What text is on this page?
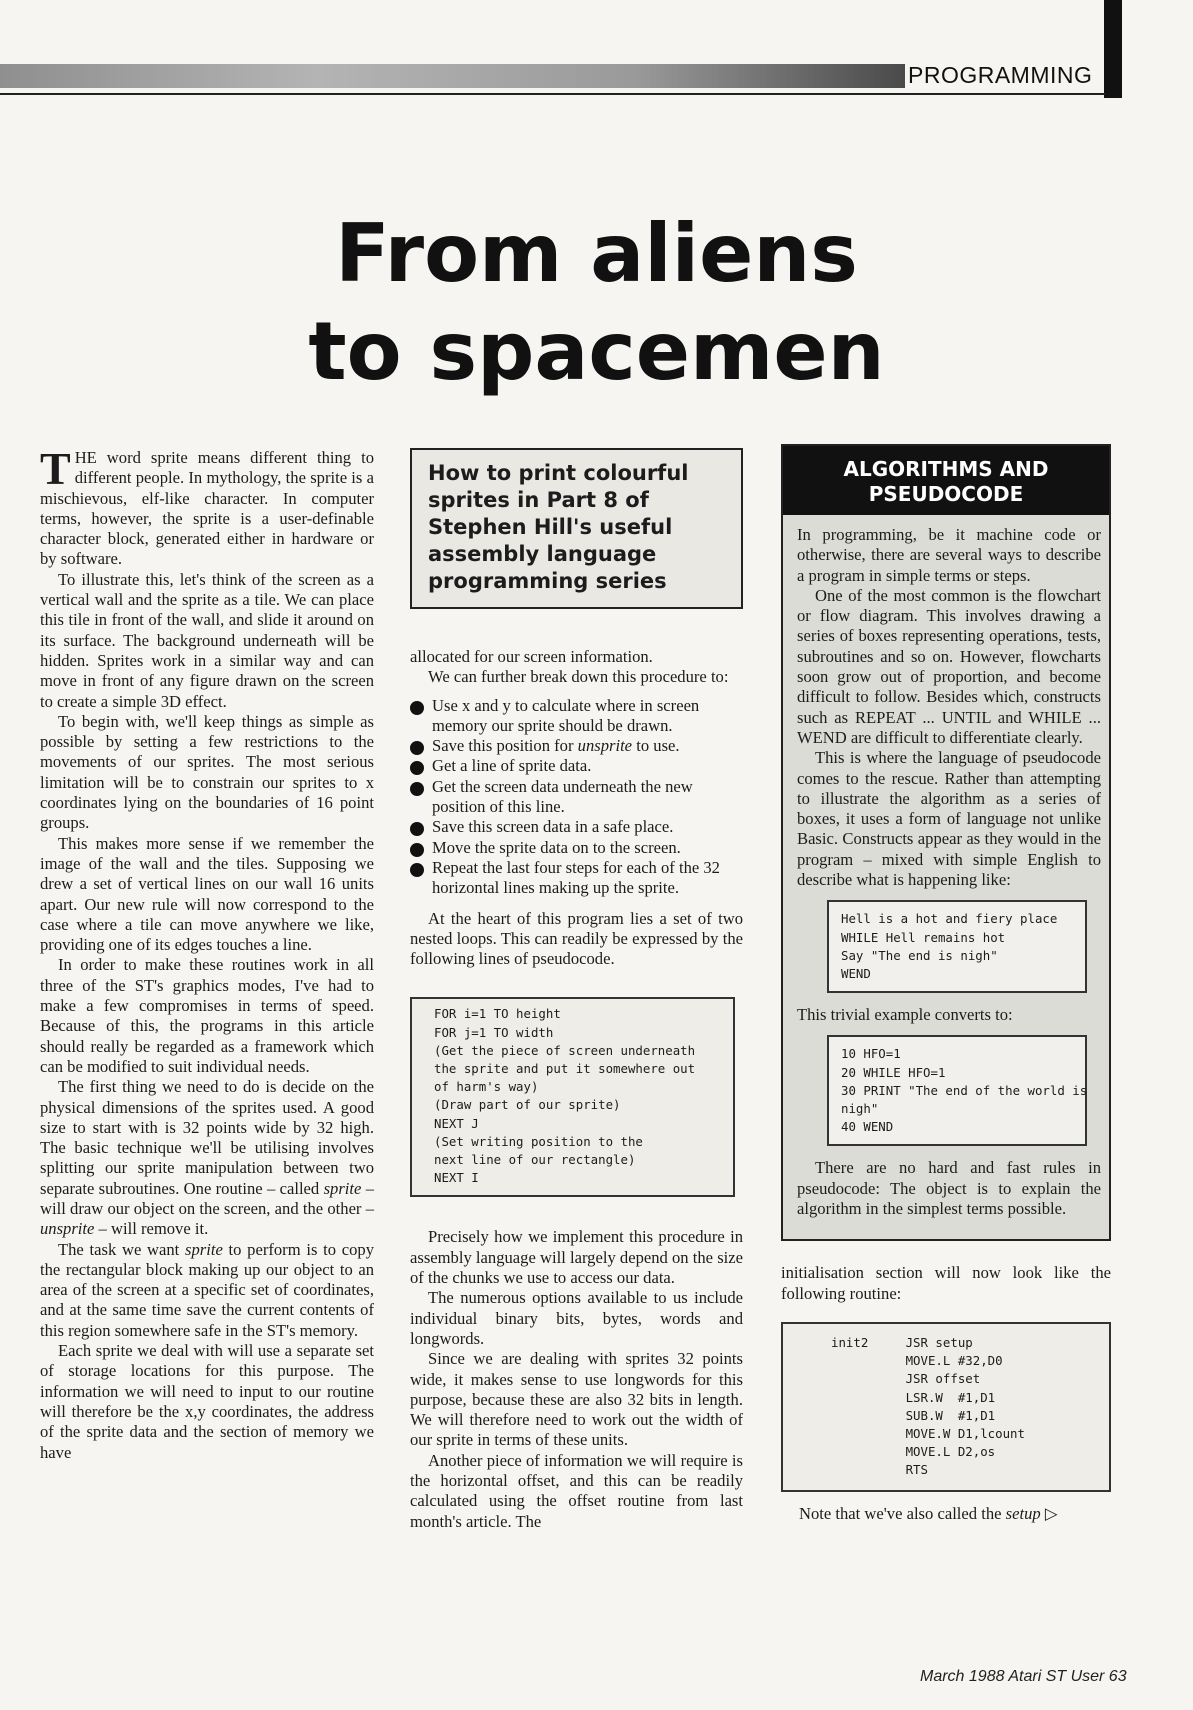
PROGRAMMING
From aliens
to spacemen

THE word sprite means different thing to different people. In mythology, the sprite is a mischievous, elf-like character. In computer terms, however, the sprite is a user-definable character block, generated either in hardware or by software.

To illustrate this, let's think of the screen as a vertical wall and the sprite as a tile. We can place this tile in front of the wall, and slide it around on its surface. The background underneath will be hidden. Sprites work in a similar way and can move in front of any figure drawn on the screen to create a simple 3D effect.

To begin with, we'll keep things as simple as possible by setting a few restrictions to the movements of our sprites. The most serious limitation will be to constrain our sprites to x coordinates lying on the boundaries of 16 point groups.

This makes more sense if we remember the image of the wall and the tiles. Supposing we drew a set of vertical lines on our wall 16 units apart. Our new rule will now correspond to the case where a tile can move anywhere we like, providing one of its edges touches a line.

In order to make these routines work in all three of the ST's graphics modes, I've had to make a few compromises in terms of speed. Because of this, the programs in this article should really be regarded as a framework which can be modified to suit individual needs.

The first thing we need to do is decide on the physical dimensions of the sprites used. A good size to start with is 32 points wide by 32 high. The basic technique we'll be utilising involves splitting our sprite manipulation between two separate subroutines. One routine – called sprite – will draw our object on the screen, and the other – unsprite – will remove it.

The task we want sprite to perform is to copy the rectangular block making up our object to an area of the screen at a specific set of coordinates, and at the same time save the current contents of this region somewhere safe in the ST's memory.

Each sprite we deal with will use a separate set of storage locations for this purpose. The information we will need to input to our routine will therefore be the x,y coordinates, the address of the sprite data and the section of memory we have

How to print colourful sprites in Part 8 of Stephen Hill's useful assembly language programming series

allocated for our screen information.

We can further break down this procedure to:

Use x and y to calculate where in screen memory our sprite should be drawn.
Save this position for unsprite to use.
Get a line of sprite data.
Get the screen data underneath the new position of this line.
Save this screen data in a safe place.
Move the sprite data on to the screen.
Repeat the last four steps for each of the 32 horizontal lines making up the sprite.

At the heart of this program lies a set of two nested loops. This can readily be expressed by the following lines of pseudocode.

FOR i=1 TO height
FOR j=1 TO width
(Get the piece of screen underneath
the sprite and put it somewhere out
of harm's way)
(Draw part of our sprite)
NEXT J
(Set writing position to the
next line of our rectangle)
NEXT I

Precisely how we implement this procedure in assembly language will largely depend on the size of the chunks we use to access our data.

The numerous options available to us include individual binary bits, bytes, words and longwords.

Since we are dealing with sprites 32 points wide, it makes sense to use longwords for this purpose, because these are also 32 bits in length. We will therefore need to work out the width of our sprite in terms of these units.

Another piece of information we will require is the horizontal offset, and this can be readily calculated using the offset routine from last month's article. The

ALGORITHMS AND
PSEUDOCODE

In programming, be it machine code or otherwise, there are several ways to describe a program in simple terms or steps.

One of the most common is the flowchart or flow diagram. This involves drawing a series of boxes representing operations, tests, subroutines and so on. However, flowcharts soon grow out of proportion, and become difficult to follow. Besides which, constructs such as REPEAT ... UNTIL and WHILE ... WEND are difficult to differentiate clearly.

This is where the language of pseudocode comes to the rescue. Rather than attempting to illustrate the algorithm as a series of boxes, it uses a form of language not unlike Basic. Constructs appear as they would in the program – mixed with simple English to describe what is happening like:

Hell is a hot and fiery place
WHILE Hell remains hot
Say "The end is nigh"
WEND

This trivial example converts to:

10 HFO=1
20 WHILE HFO=1
30 PRINT "The end of the world is
nigh"
40 WEND

There are no hard and fast rules in pseudocode: The object is to explain the algorithm in the simplest terms possible.

initialisation section will now look like the following routine:

init2     JSR setup
MOVE.L #32,D0
JSR offset
LSR.W  #1,D1
SUB.W  #1,D1
MOVE.W D1,lcount
MOVE.L D2,os
RTS

Note that we've also called the setup ▷

March 1988 Atari ST User 63
